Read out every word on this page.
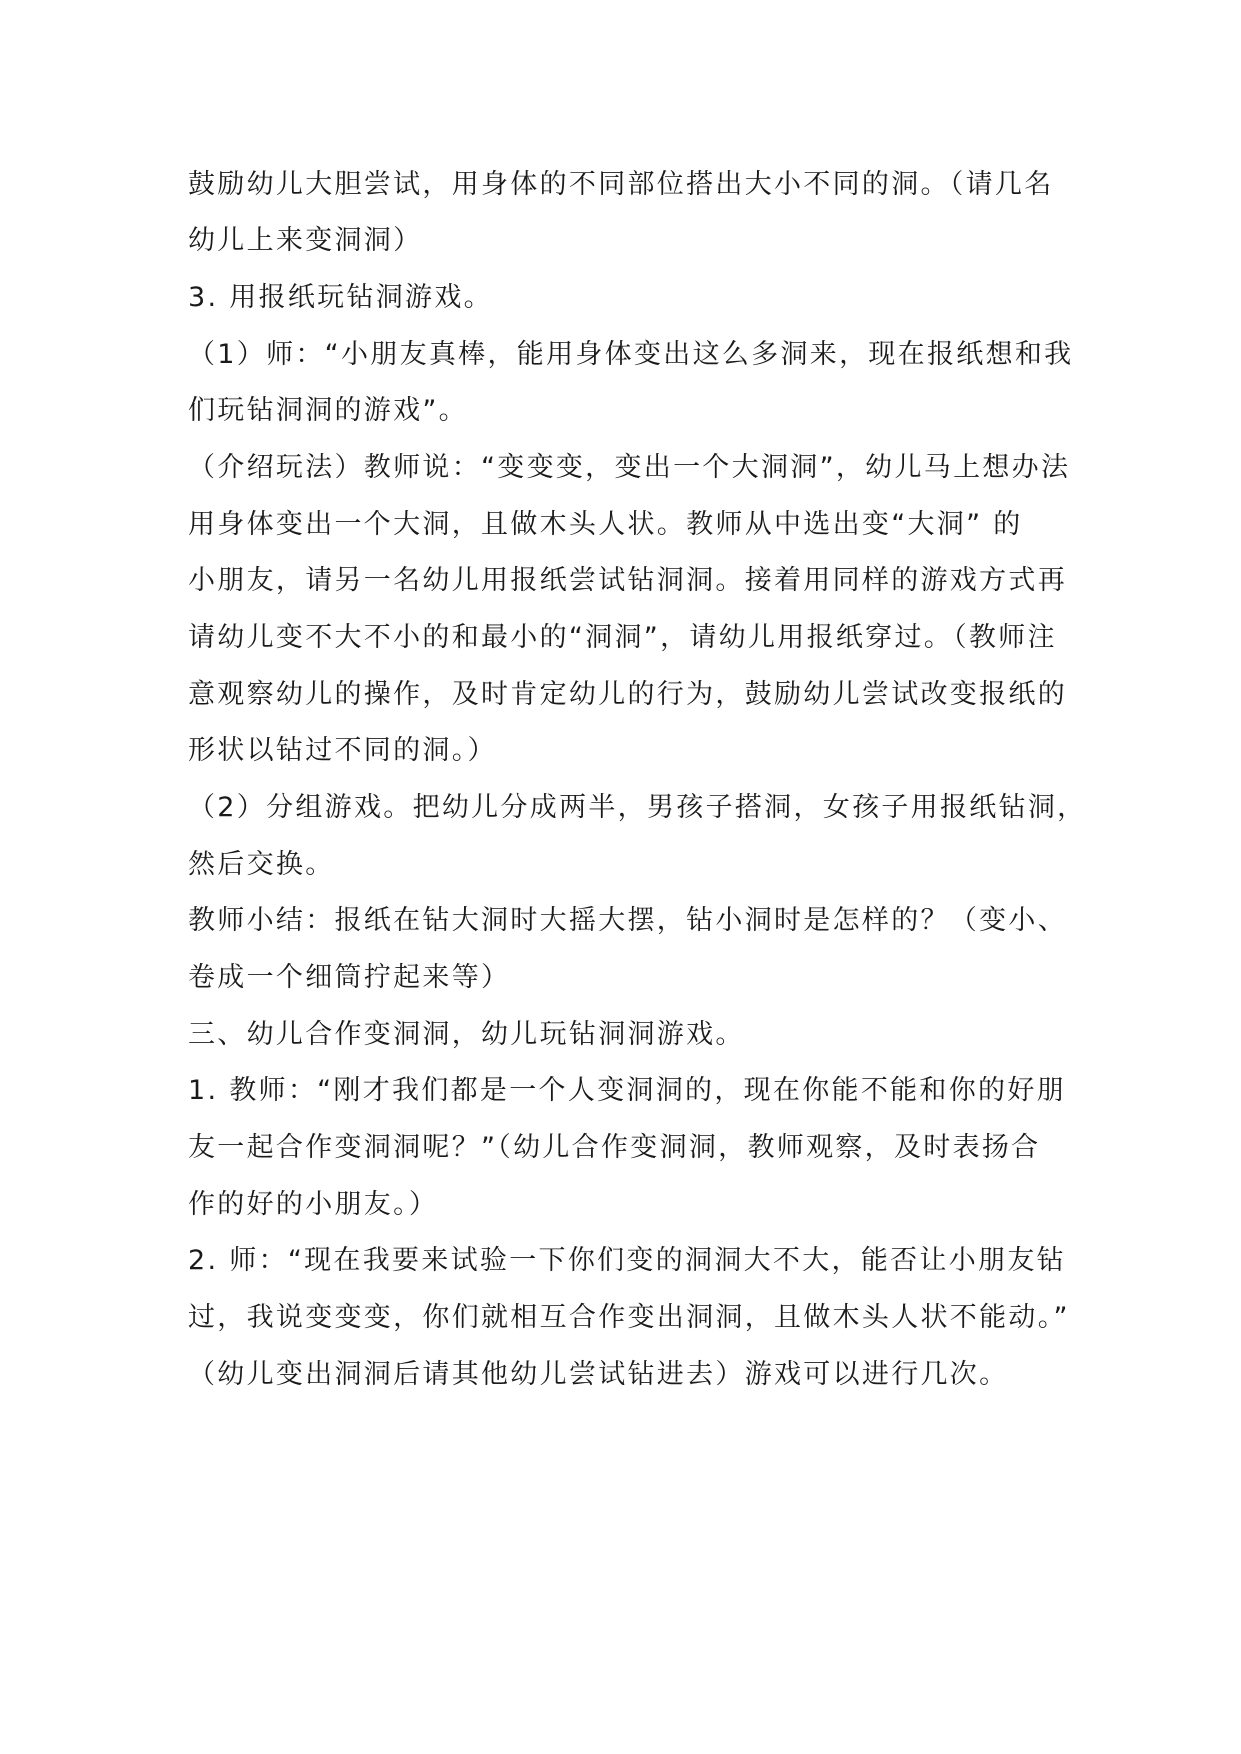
鼓励幼儿大胆尝试，用身体的不同部位搭出大小不同的洞。（请几名
幼儿上来变洞洞）
3. 用报纸玩钻洞游戏。
（1）师：“小朋友真棒，能用身体变出这么多洞来，现在报纸想和我
们玩钻洞洞的游戏”。
（介绍玩法）教师说：“变变变，变出一个大洞洞”，幼儿马上想办法
用身体变出一个大洞，且做木头人状。教师从中选出变“大洞” 的
小朋友，请另一名幼儿用报纸尝试钻洞洞。接着用同样的游戏方式再
请幼儿变不大不小的和最小的“洞洞”，请幼儿用报纸穿过。（教师注
意观察幼儿的操作，及时肯定幼儿的行为，鼓励幼儿尝试改变报纸的
形状以钻过不同的洞。）
（2）分组游戏。把幼儿分成两半，男孩子搭洞，女孩子用报纸钻洞，
然后交换。
教师小结：报纸在钻大洞时大摇大摆，钻小洞时是怎样的？（变小、
卷成一个细筒拧起来等）
三、幼儿合作变洞洞，幼儿玩钻洞洞游戏。
1. 教师：“刚才我们都是一个人变洞洞的，现在你能不能和你的好朋
友一起合作变洞洞呢？”（幼儿合作变洞洞，教师观察，及时表扬合
作的好的小朋友。）
2. 师：“现在我要来试验一下你们变的洞洞大不大，能否让小朋友钻
过，我说变变变，你们就相互合作变出洞洞，且做木头人状不能动。”
（幼儿变出洞洞后请其他幼儿尝试钻进去）游戏可以进行几次。
